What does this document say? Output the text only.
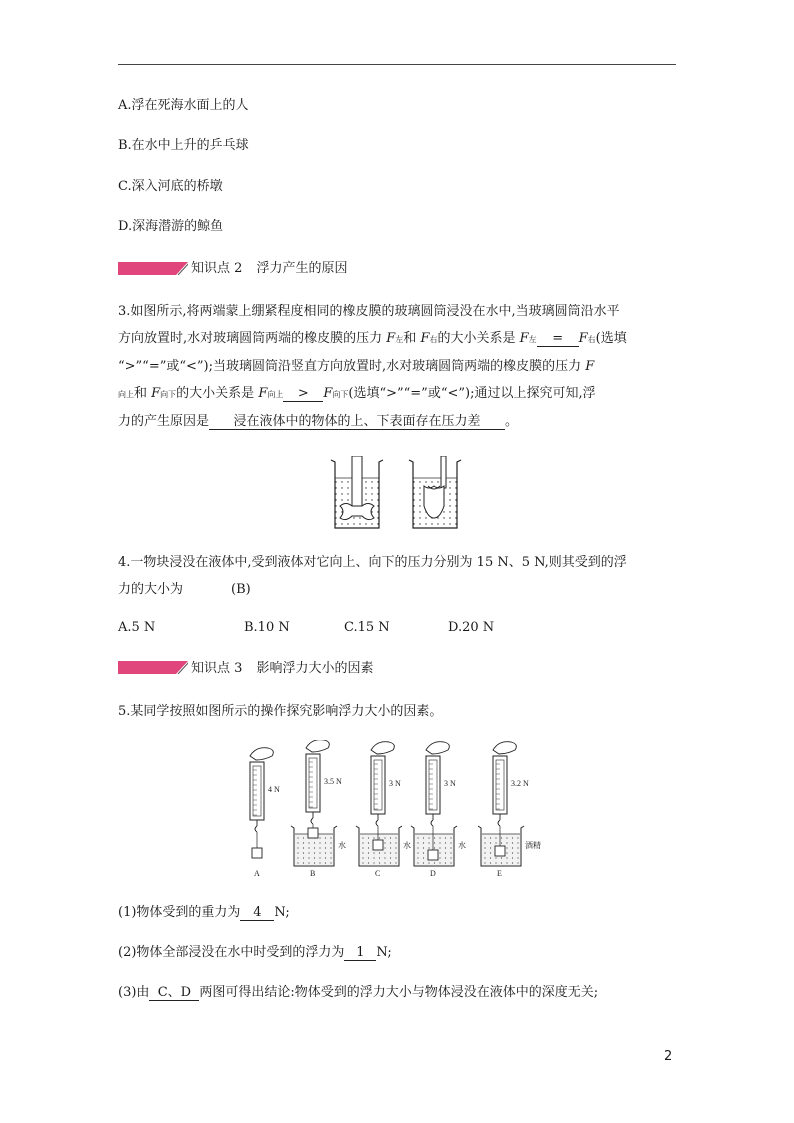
A.浮在死海水面上的人
B.在水中上升的乒乓球
C.深入河底的桥墩
D.深海潜游的鲸鱼
知识点 2 浮力产生的原因
3.如图所示,将两端蒙上绷紧程度相同的橡皮膜的玻璃圆筒浸没在水中,当玻璃圆筒沿水平
方向放置时,水对玻璃圆筒两端的橡皮膜的压力 F左和 F右的大小关系是 F左 = F右(选填
“>”“=”或“<”);当玻璃圆筒沿竖直方向放置时,水对玻璃圆筒两端的橡皮膜的压力 F
向上和 F向下的大小关系是 F向上 > F向下(选填“>”“=”或“<”);通过以上探究可知,浮
力的产生原因是 浸在液体中的物体的上、下表面存在压力差 。
4.一物块浸没在液体中,受到液体对它向上、向下的压力分别为 15 N、5 N,则其受到的浮
力的大小为	(B)
A.5 N	B.10 N	C.15 N	D.20 N
知识点 3 影响浮力大小的因素
5.某同学按照如图所示的操作探究影响浮力大小的因素。
4 N
A
3.5 N
水
B
3 N
水
C
3 N
水
D
3.2 N
酒精
E
(1)物体受到的重力为 4 N;
(2)物体全部浸没在水中时受到的浮力为 1 N;
(3)由 C、D 两图可得出结论:物体受到的浮力大小与物体浸没在液体中的深度无关;
2
